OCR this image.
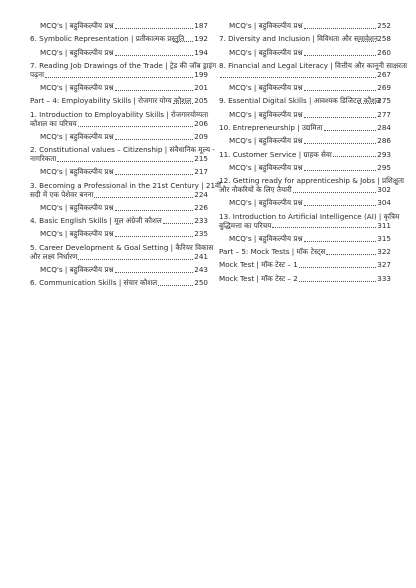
MCQ's | बहुविकल्पीय प्रश्न	187
6. Symbolic Representation | प्रतीकात्मक प्रस्तुति 192
MCQ's | बहुविकल्पीय प्रश्न	194
7. Reading Job Drawings of the Trade | ट्रेड की जॉब ड्राइंग
पढ़ना	199
MCQ's | बहुविकल्पीय प्रश्न	201
Part – 4: Employability Skills | रोजगार योग्य कौशल 205
1. Introduction to Employability Skills | रोजगारयोग्यता
कौशल का परिचय	206
MCQ's | बहुविकल्पीय प्रश्न	209
2. Constitutional values – Citizenship | संवैधानिक मूल्य -
नागरिकता	215
MCQ's | बहुविकल्पीय प्रश्न	217
3. Becoming a Professional in the 21st Century | 21वीं
सदी में एक पेशेवर बनना	224
MCQ's | बहुविकल्पीय प्रश्न	226
4. Basic English Skills | मूल अंग्रेजी कौशल	233
MCQ's | बहुविकल्पीय प्रश्न	235
5. Career Development & Goal Setting | कैरियर विकास
और लक्ष्य निर्धारण	241
MCQ's | बहुविकल्पीय प्रश्न	243
6. Communication Skills | संचार कौशल	250
MCQ's | बहुविकल्पीय प्रश्न	252
7. Diversity and Inclusion | विविधता और समावेशन 258
MCQ's | बहुविकल्पीय प्रश्न	260
8. Financial and Legal Literacy | वित्तीय और कानूनी साक्षरता
267
MCQ's | बहुविकल्पीय प्रश्न	269
9. Essential Digital Skills | आवश्यक डिजिटल कौशल
275
MCQ's | बहुविकल्पीय प्रश्न	277
10. Entrepreneurship | उद्यमिता	284
MCQ's | बहुविकल्पीय प्रश्न	286
11. Customer Service | ग्राहक सेवा	293
MCQ's | बहुविकल्पीय प्रश्न	295
12. Getting ready for apprenticeship & Jobs | प्रशिक्षुता
और नौकरियों के लिए तैयारी	302
MCQ's | बहुविकल्पीय प्रश्न	304
13. Introduction to Artificial Intelligence (AI) | कृत्रिम
बुद्धिमत्ता का परिचय	311
MCQ's | बहुविकल्पीय प्रश्न	315
Part – 5: Mock Tests | मॉक टेस्ट्स	322
Mock Test | मॉक टेस्ट – 1	327
Mock Test | मॉक टेस्ट – 2	333
